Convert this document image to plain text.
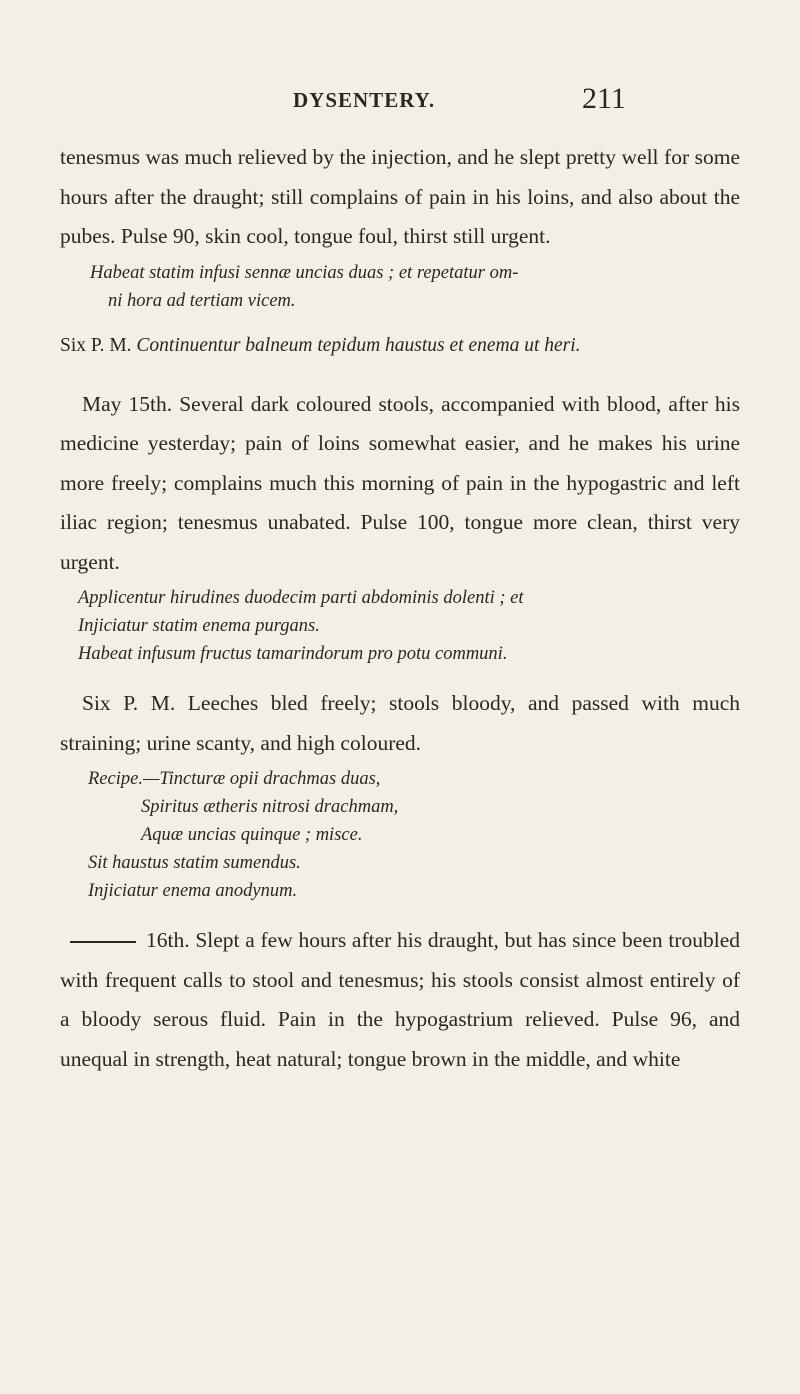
DYSENTERY.	211

tenesmus was much relieved by the injection, and he slept pretty well for some hours after the draught; still complains of pain in his loins, and also about the pubes. Pulse 90, skin cool, tongue foul, thirst still urgent.

Habeat statim infusi sennæ uncias duas ; et repetatur om-
ni hora ad tertiam vicem.

Six P. M. Continuentur balneum tepidum haustus et enema ut heri.

May 15th. Several dark coloured stools, accompanied with blood, after his medicine yesterday; pain of loins somewhat easier, and he makes his urine more freely; complains much this morning of pain in the hypogastric and left iliac region; tenesmus unabated. Pulse 100, tongue more clean, thirst very urgent.

Applicentur hirudines duodecim parti abdominis dolenti ; et
Injiciatur statim enema purgans.
Habeat infusum fructus tamarindorum pro potu communi.

Six P. M. Leeches bled freely; stools bloody, and passed with much straining; urine scanty, and high coloured.

Recipe.—Tincturæ opii drachmas duas,
Spiritus ætheris nitrosi drachmam,
Aquæ uncias quinque ; misce.
Sit haustus statim sumendus.
Injiciatur enema anodynum.

16th. Slept a few hours after his draught, but has since been troubled with frequent calls to stool and tenesmus; his stools consist almost entirely of a bloody serous fluid. Pain in the hypogastrium relieved. Pulse 96, and unequal in strength, heat natural; tongue brown in the middle, and white
